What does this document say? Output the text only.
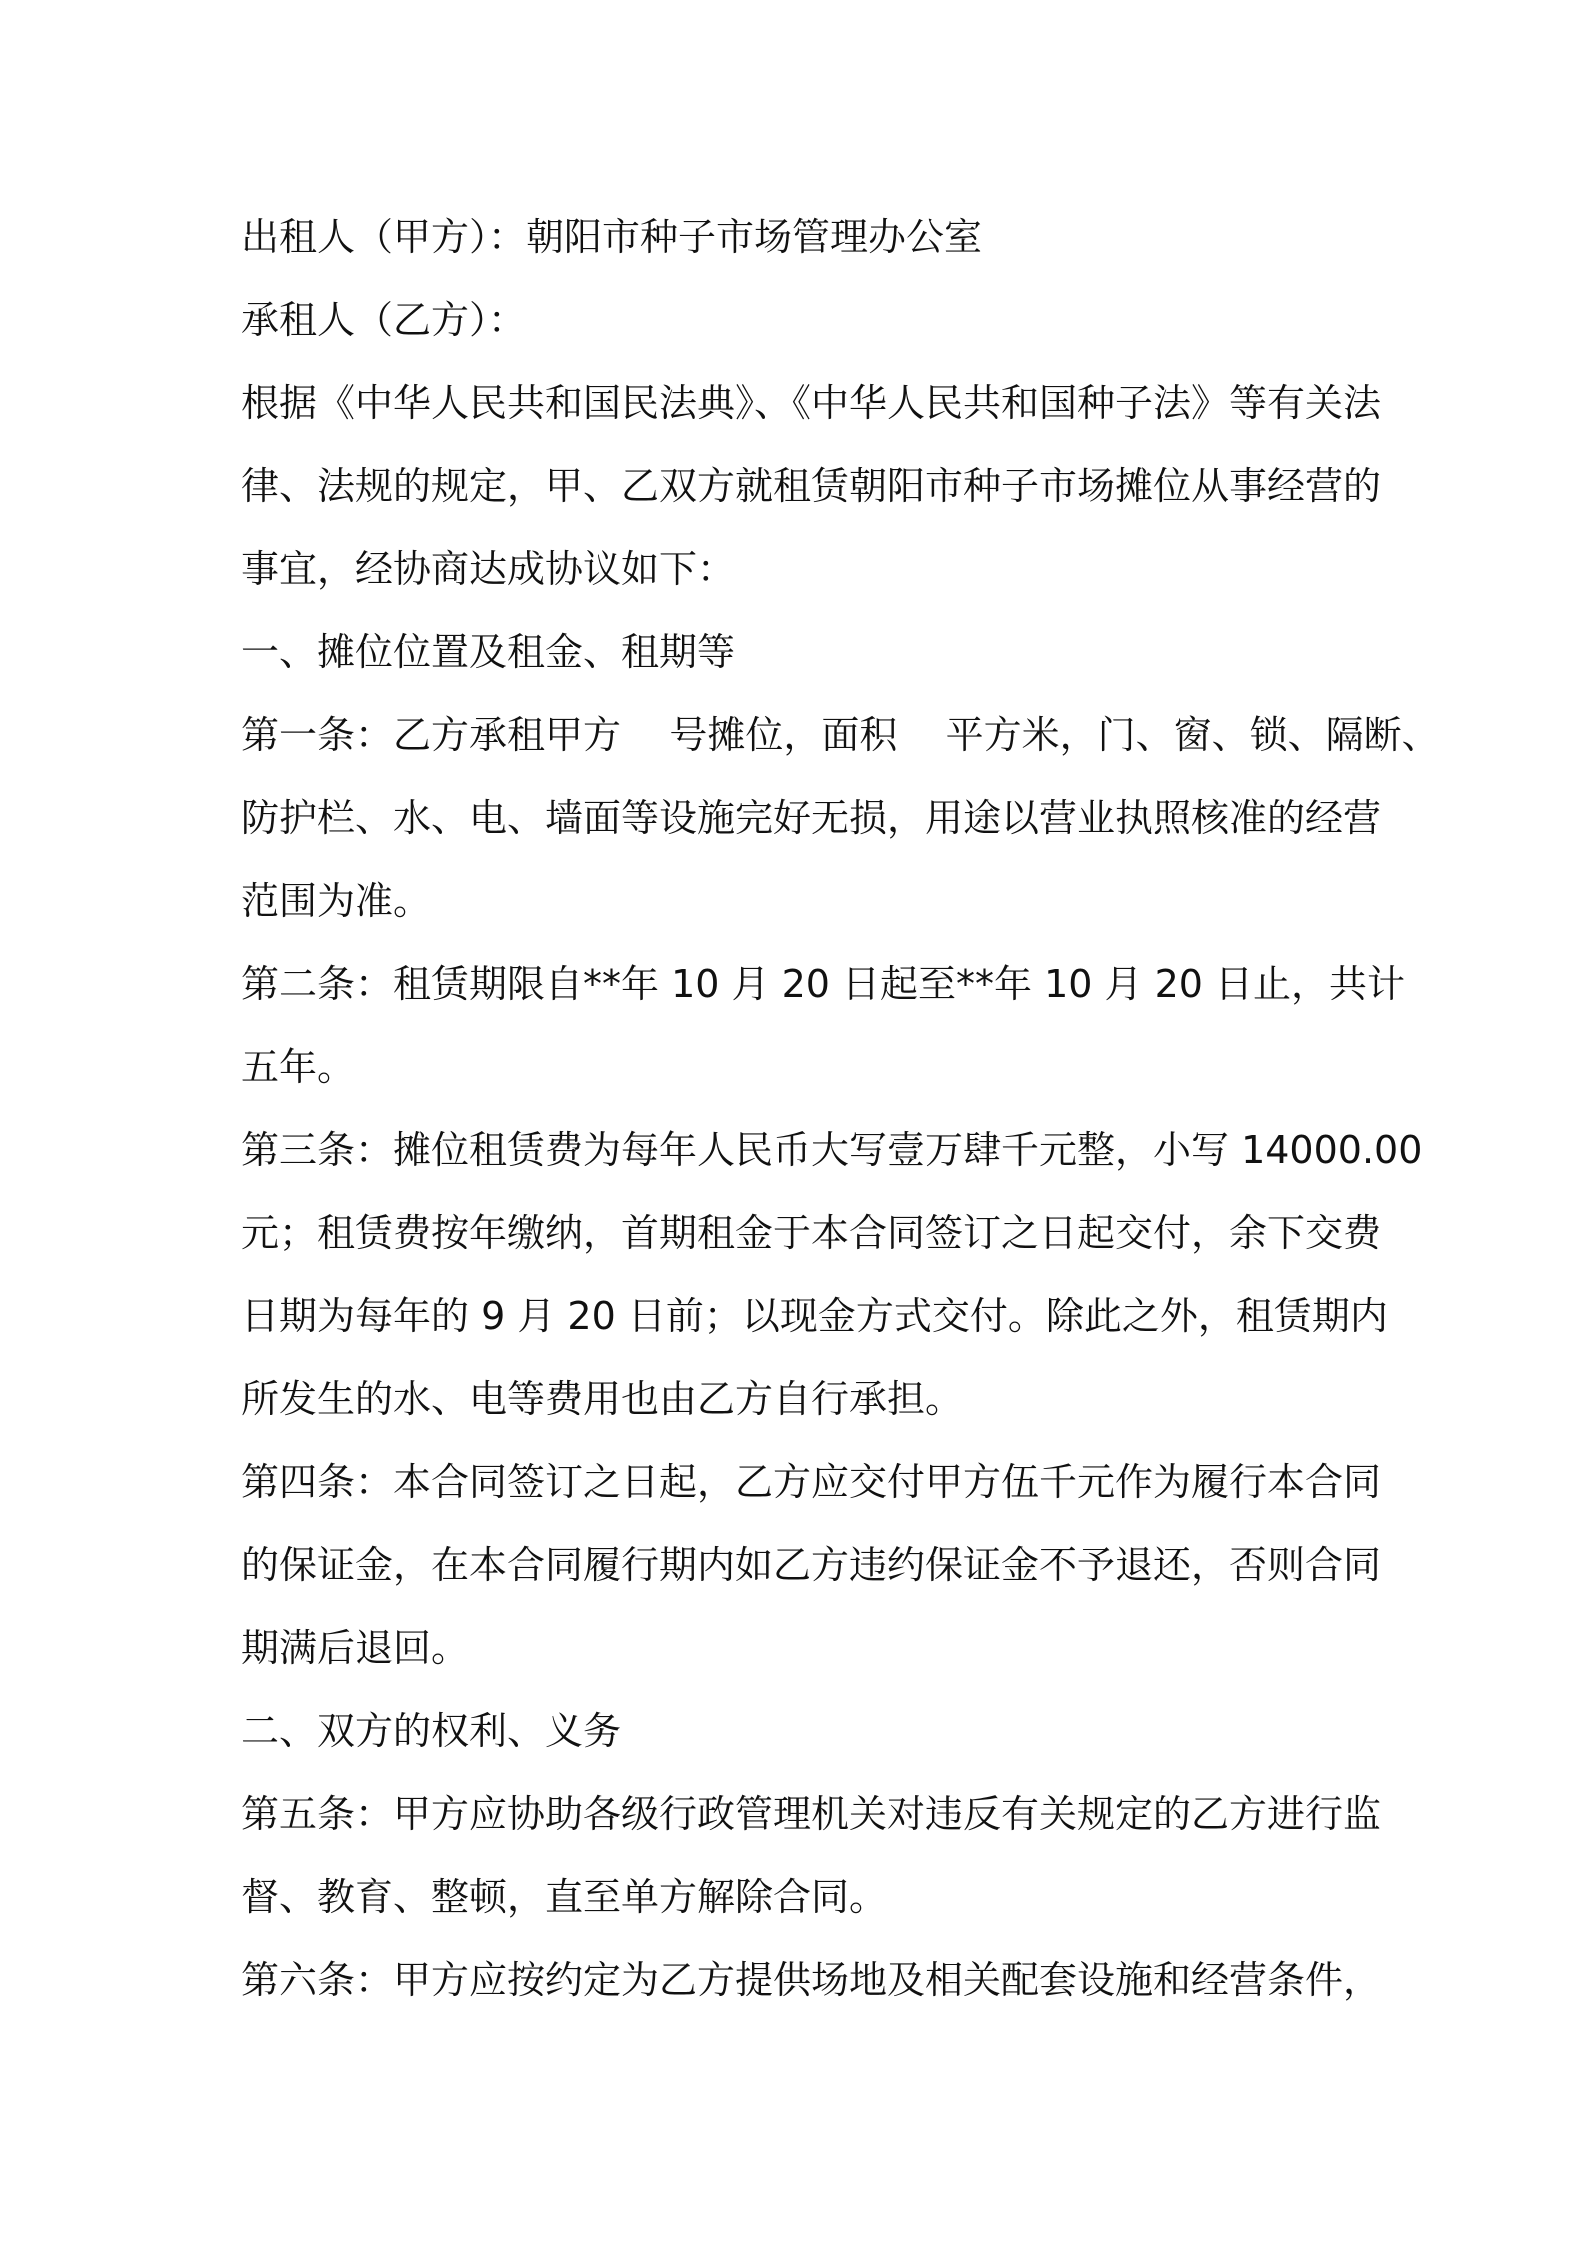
出租人（甲方）：朝阳市种子市场管理办公室
承租人（乙方）：
根据《中华人民共和国民法典》、《中华人民共和国种子法》等有关法
律、法规的规定，甲、乙双方就租赁朝阳市种子市场摊位从事经营的
事宜，经协商达成协议如下：
一、摊位位置及租金、租期等
第一条：乙方承租甲方    号摊位，面积    平方米，门、窗、锁、隔断、
防护栏、水、电、墙面等设施完好无损，用途以营业执照核准的经营
范围为准。
第二条：租赁期限自**年 10 月 20 日起至**年 10 月 20 日止，共计
五年。
第三条：摊位租赁费为每年人民币大写壹万肆千元整，小写 14000.00
元；租赁费按年缴纳，首期租金于本合同签订之日起交付，余下交费
日期为每年的 9 月 20 日前；以现金方式交付。除此之外，租赁期内
所发生的水、电等费用也由乙方自行承担。
第四条：本合同签订之日起，乙方应交付甲方伍千元作为履行本合同
的保证金，在本合同履行期内如乙方违约保证金不予退还，否则合同
期满后退回。
二、双方的权利、义务
第五条：甲方应协助各级行政管理机关对违反有关规定的乙方进行监
督、教育、整顿，直至单方解除合同。
第六条：甲方应按约定为乙方提供场地及相关配套设施和经营条件，
